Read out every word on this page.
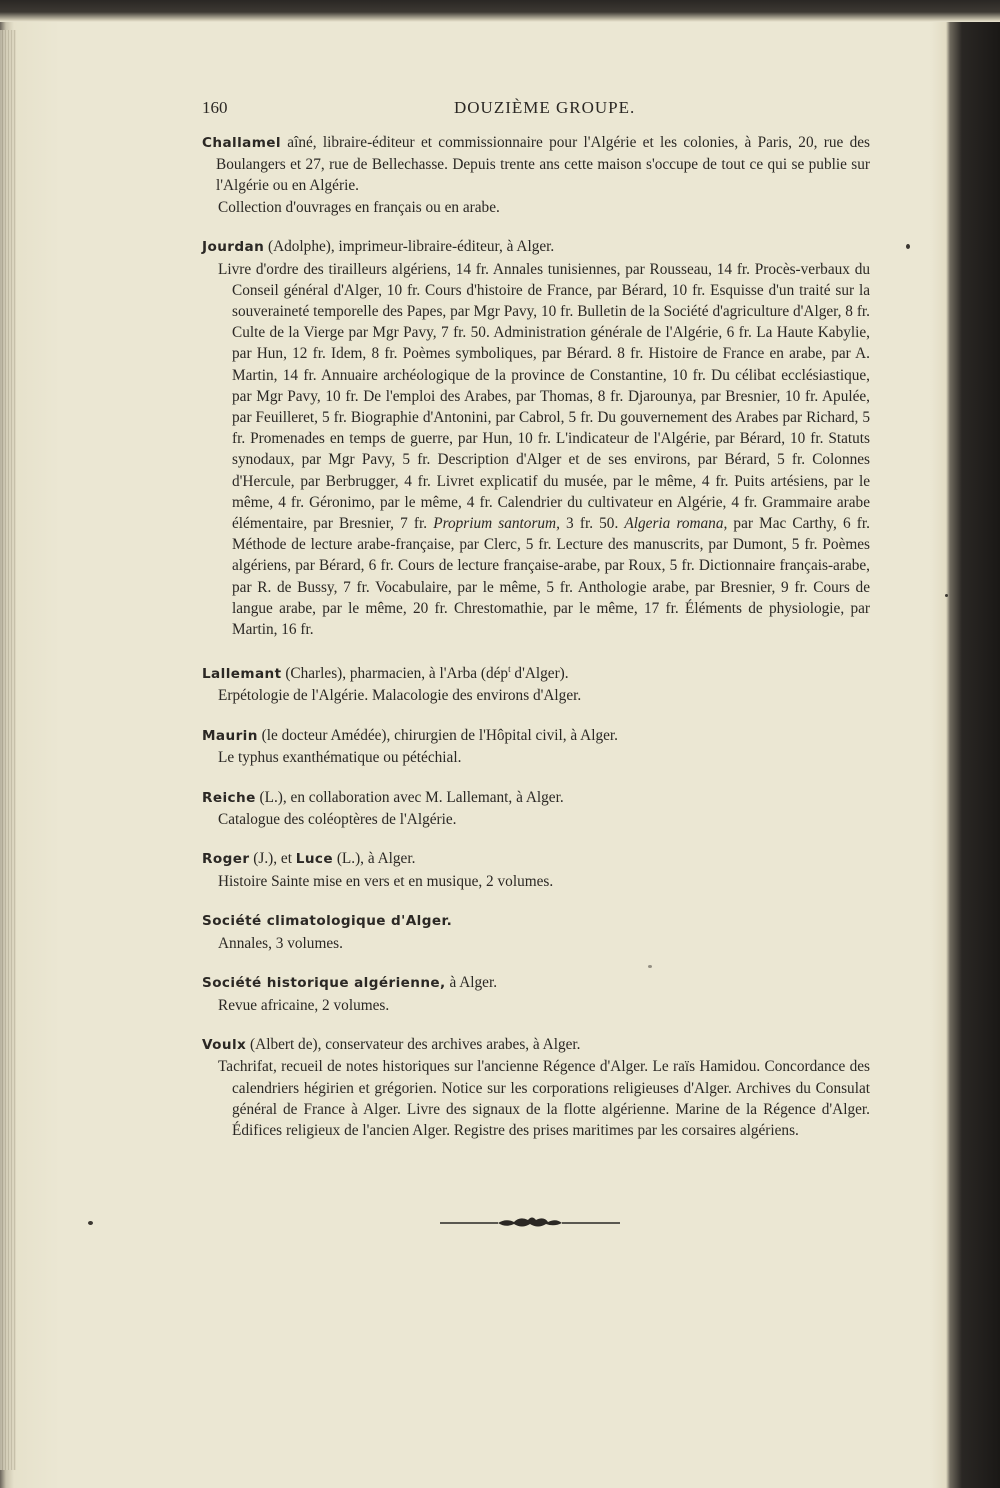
160	DOUZIÈME GROUPE.

Challamel aîné, libraire-éditeur et commissionnaire pour l'Algérie et les colonies, à Paris, 20, rue des Boulangers et 27, rue de Bellechasse. Depuis trente ans cette maison s'occupe de tout ce qui se publie sur l'Algérie ou en Algérie.

Collection d'ouvrages en français ou en arabe.

Jourdan (Adolphe), imprimeur-libraire-éditeur, à Alger.

Livre d'ordre des tirailleurs algériens, 14 fr. Annales tunisiennes, par Rousseau, 14 fr. Procès-verbaux du Conseil général d'Alger, 10 fr. Cours d'histoire de France, par Bérard, 10 fr. Esquisse d'un traité sur la souveraineté temporelle des Papes, par Mgr Pavy, 10 fr. Bulletin de la Société d'agriculture d'Alger, 8 fr. Culte de la Vierge par Mgr Pavy, 7 fr. 50. Administration générale de l'Algérie, 6 fr. La Haute Kabylie, par Hun, 12 fr. Idem, 8 fr. Poèmes symboliques, par Bérard. 8 fr. Histoire de France en arabe, par A. Martin, 14 fr. Annuaire archéologique de la province de Constantine, 10 fr. Du célibat ecclésiastique, par Mgr Pavy, 10 fr. De l'emploi des Arabes, par Thomas, 8 fr. Djarounya, par Bresnier, 10 fr. Apulée, par Feuilleret, 5 fr. Biographie d'Antonini, par Cabrol, 5 fr. Du gouvernement des Arabes par Richard, 5 fr. Promenades en temps de guerre, par Hun, 10 fr. L'indicateur de l'Algérie, par Bérard, 10 fr. Statuts synodaux, par Mgr Pavy, 5 fr. Description d'Alger et de ses environs, par Bérard, 5 fr. Colonnes d'Hercule, par Berbrugger, 4 fr. Livret explicatif du musée, par le même, 4 fr. Puits artésiens, par le même, 4 fr. Géronimo, par le même, 4 fr. Calendrier du cultivateur en Algérie, 4 fr. Grammaire arabe élémentaire, par Bresnier, 7 fr. Proprium santorum, 3 fr. 50. Algeria romana, par Mac Carthy, 6 fr. Méthode de lecture arabe-française, par Clerc, 5 fr. Lecture des manuscrits, par Dumont, 5 fr. Poèmes algériens, par Bérard, 6 fr. Cours de lecture française-arabe, par Roux, 5 fr. Dictionnaire français-arabe, par R. de Bussy, 7 fr. Vocabulaire, par le même, 5 fr. Anthologie arabe, par Bresnier, 9 fr. Cours de langue arabe, par le même, 20 fr. Chrestomathie, par le même, 17 fr. Éléments de physiologie, par Martin, 16 fr.

Lallemant (Charles), pharmacien, à l'Arba (dép$^t$ d'Alger).

Erpétologie de l'Algérie. Malacologie des environs d'Alger.

Maurin (le docteur Amédée), chirurgien de l'Hôpital civil, à Alger.

Le typhus exanthématique ou pétéchial.

Reiche (L.), en collaboration avec M. Lallemant, à Alger.

Catalogue des coléoptères de l'Algérie.

Roger (J.), et Luce (L.), à Alger.

Histoire Sainte mise en vers et en musique, 2 volumes.

Société climatologique d'Alger.

Annales, 3 volumes.

Société historique algérienne, à Alger.

Revue africaine, 2 volumes.

Voulx (Albert de), conservateur des archives arabes, à Alger.

Tachrifat, recueil de notes historiques sur l'ancienne Régence d'Alger. Le raïs Hamidou. Concordance des calendriers hégirien et grégorien. Notice sur les corporations religieuses d'Alger. Archives du Consulat général de France à Alger. Livre des signaux de la flotte algérienne. Marine de la Régence d'Alger. Édifices religieux de l'ancien Alger. Registre des prises maritimes par les corsaires algériens.
